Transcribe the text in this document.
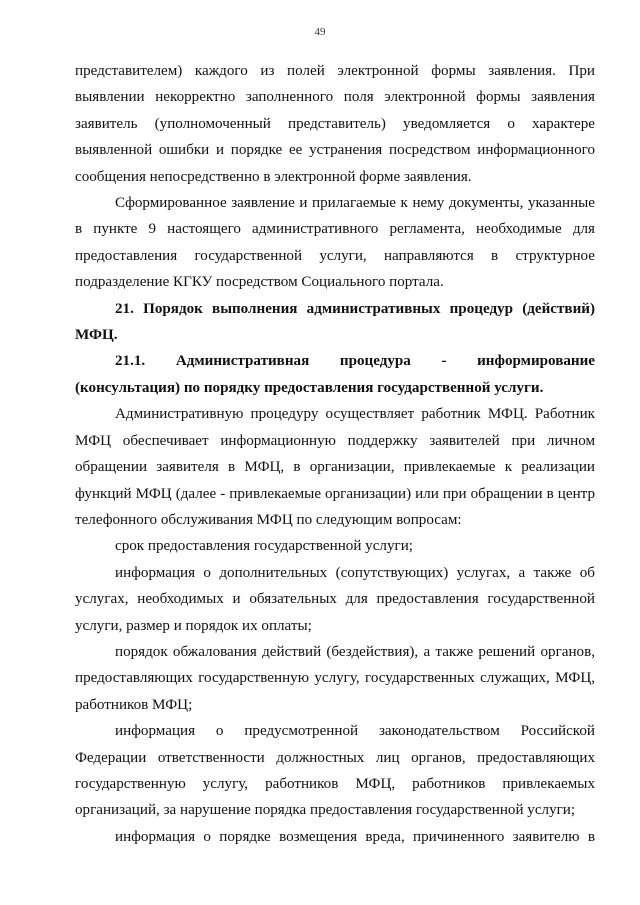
49
представителем) каждого из полей электронной формы заявления. При
выявлении некорректно заполненного поля электронной формы заявления
заявитель (уполномоченный представитель) уведомляется о характере
выявленной ошибки и порядке ее устранения посредством информационного
сообщения непосредственно в электронной форме заявления.
Сформированное заявление и прилагаемые к нему документы, указанные
в пункте 9 настоящего административного регламента, необходимые для
предоставления государственной услуги, направляются в структурное
подразделение КГКУ посредством Социального портала.
21. Порядок выполнения административных процедур (действий)
МФЦ.
21.1. Административная процедура - информирование
(консультация) по порядку предоставления государственной услуги.
Административную процедуру осуществляет работник МФЦ. Работник
МФЦ обеспечивает информационную поддержку заявителей при личном
обращении заявителя в МФЦ, в организации, привлекаемые к реализации
функций МФЦ (далее - привлекаемые организации) или при обращении в центр
телефонного обслуживания МФЦ по следующим вопросам:
срок предоставления государственной услуги;
информация о дополнительных (сопутствующих) услугах, а также об
услугах, необходимых и обязательных для предоставления государственной
услуги, размер и порядок их оплаты;
порядок обжалования действий (бездействия), а также решений органов,
предоставляющих государственную услугу, государственных служащих, МФЦ,
работников МФЦ;
информация о предусмотренной законодательством Российской
Федерации ответственности должностных лиц органов, предоставляющих
государственную услугу, работников МФЦ, работников привлекаемых
организаций, за нарушение порядка предоставления государственной услуги;
информация о порядке возмещения вреда, причиненного заявителю в
